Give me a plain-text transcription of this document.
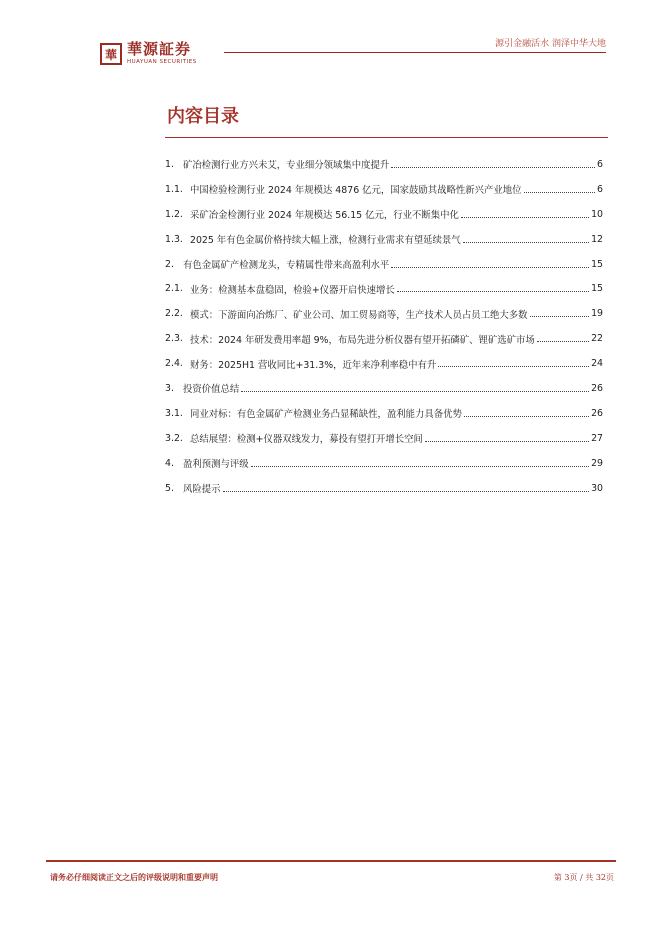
華 華源証券
HUAYUAN SECURITIES
源引金融活水 润泽中华大地
内容目录
1. 矿冶检测行业方兴未艾，专业细分领域集中度提升	6
1.1. 中国检验检测行业 2024 年规模达 4876 亿元，国家鼓励其战略性新兴产业地位	6
1.2. 采矿冶金检测行业 2024 年规模达 56.15 亿元，行业不断集中化	10
1.3. 2025 年有色金属价格持续大幅上涨，检测行业需求有望延续景气	12
2. 有色金属矿产检测龙头，专精属性带来高盈利水平	15
2.1. 业务：检测基本盘稳固，检验+仪器开启快速增长	15
2.2. 模式：下游面向冶炼厂、矿业公司、加工贸易商等，生产技术人员占员工绝大多数	19
2.3. 技术：2024 年研发费用率超 9%，布局先进分析仪器有望开拓磷矿、锂矿选矿市场	22
2.4. 财务：2025H1 营收同比+31.3%，近年来净利率稳中有升	24
3. 投资价值总结	26
3.1. 同业对标：有色金属矿产检测业务凸显稀缺性，盈利能力具备优势	26
3.2. 总结展望：检测+仪器双线发力，募投有望打开增长空间	27
4. 盈利预测与评级	29
5. 风险提示	30
请务必仔细阅读正文之后的评级说明和重要声明	第 3页 / 共 32页
